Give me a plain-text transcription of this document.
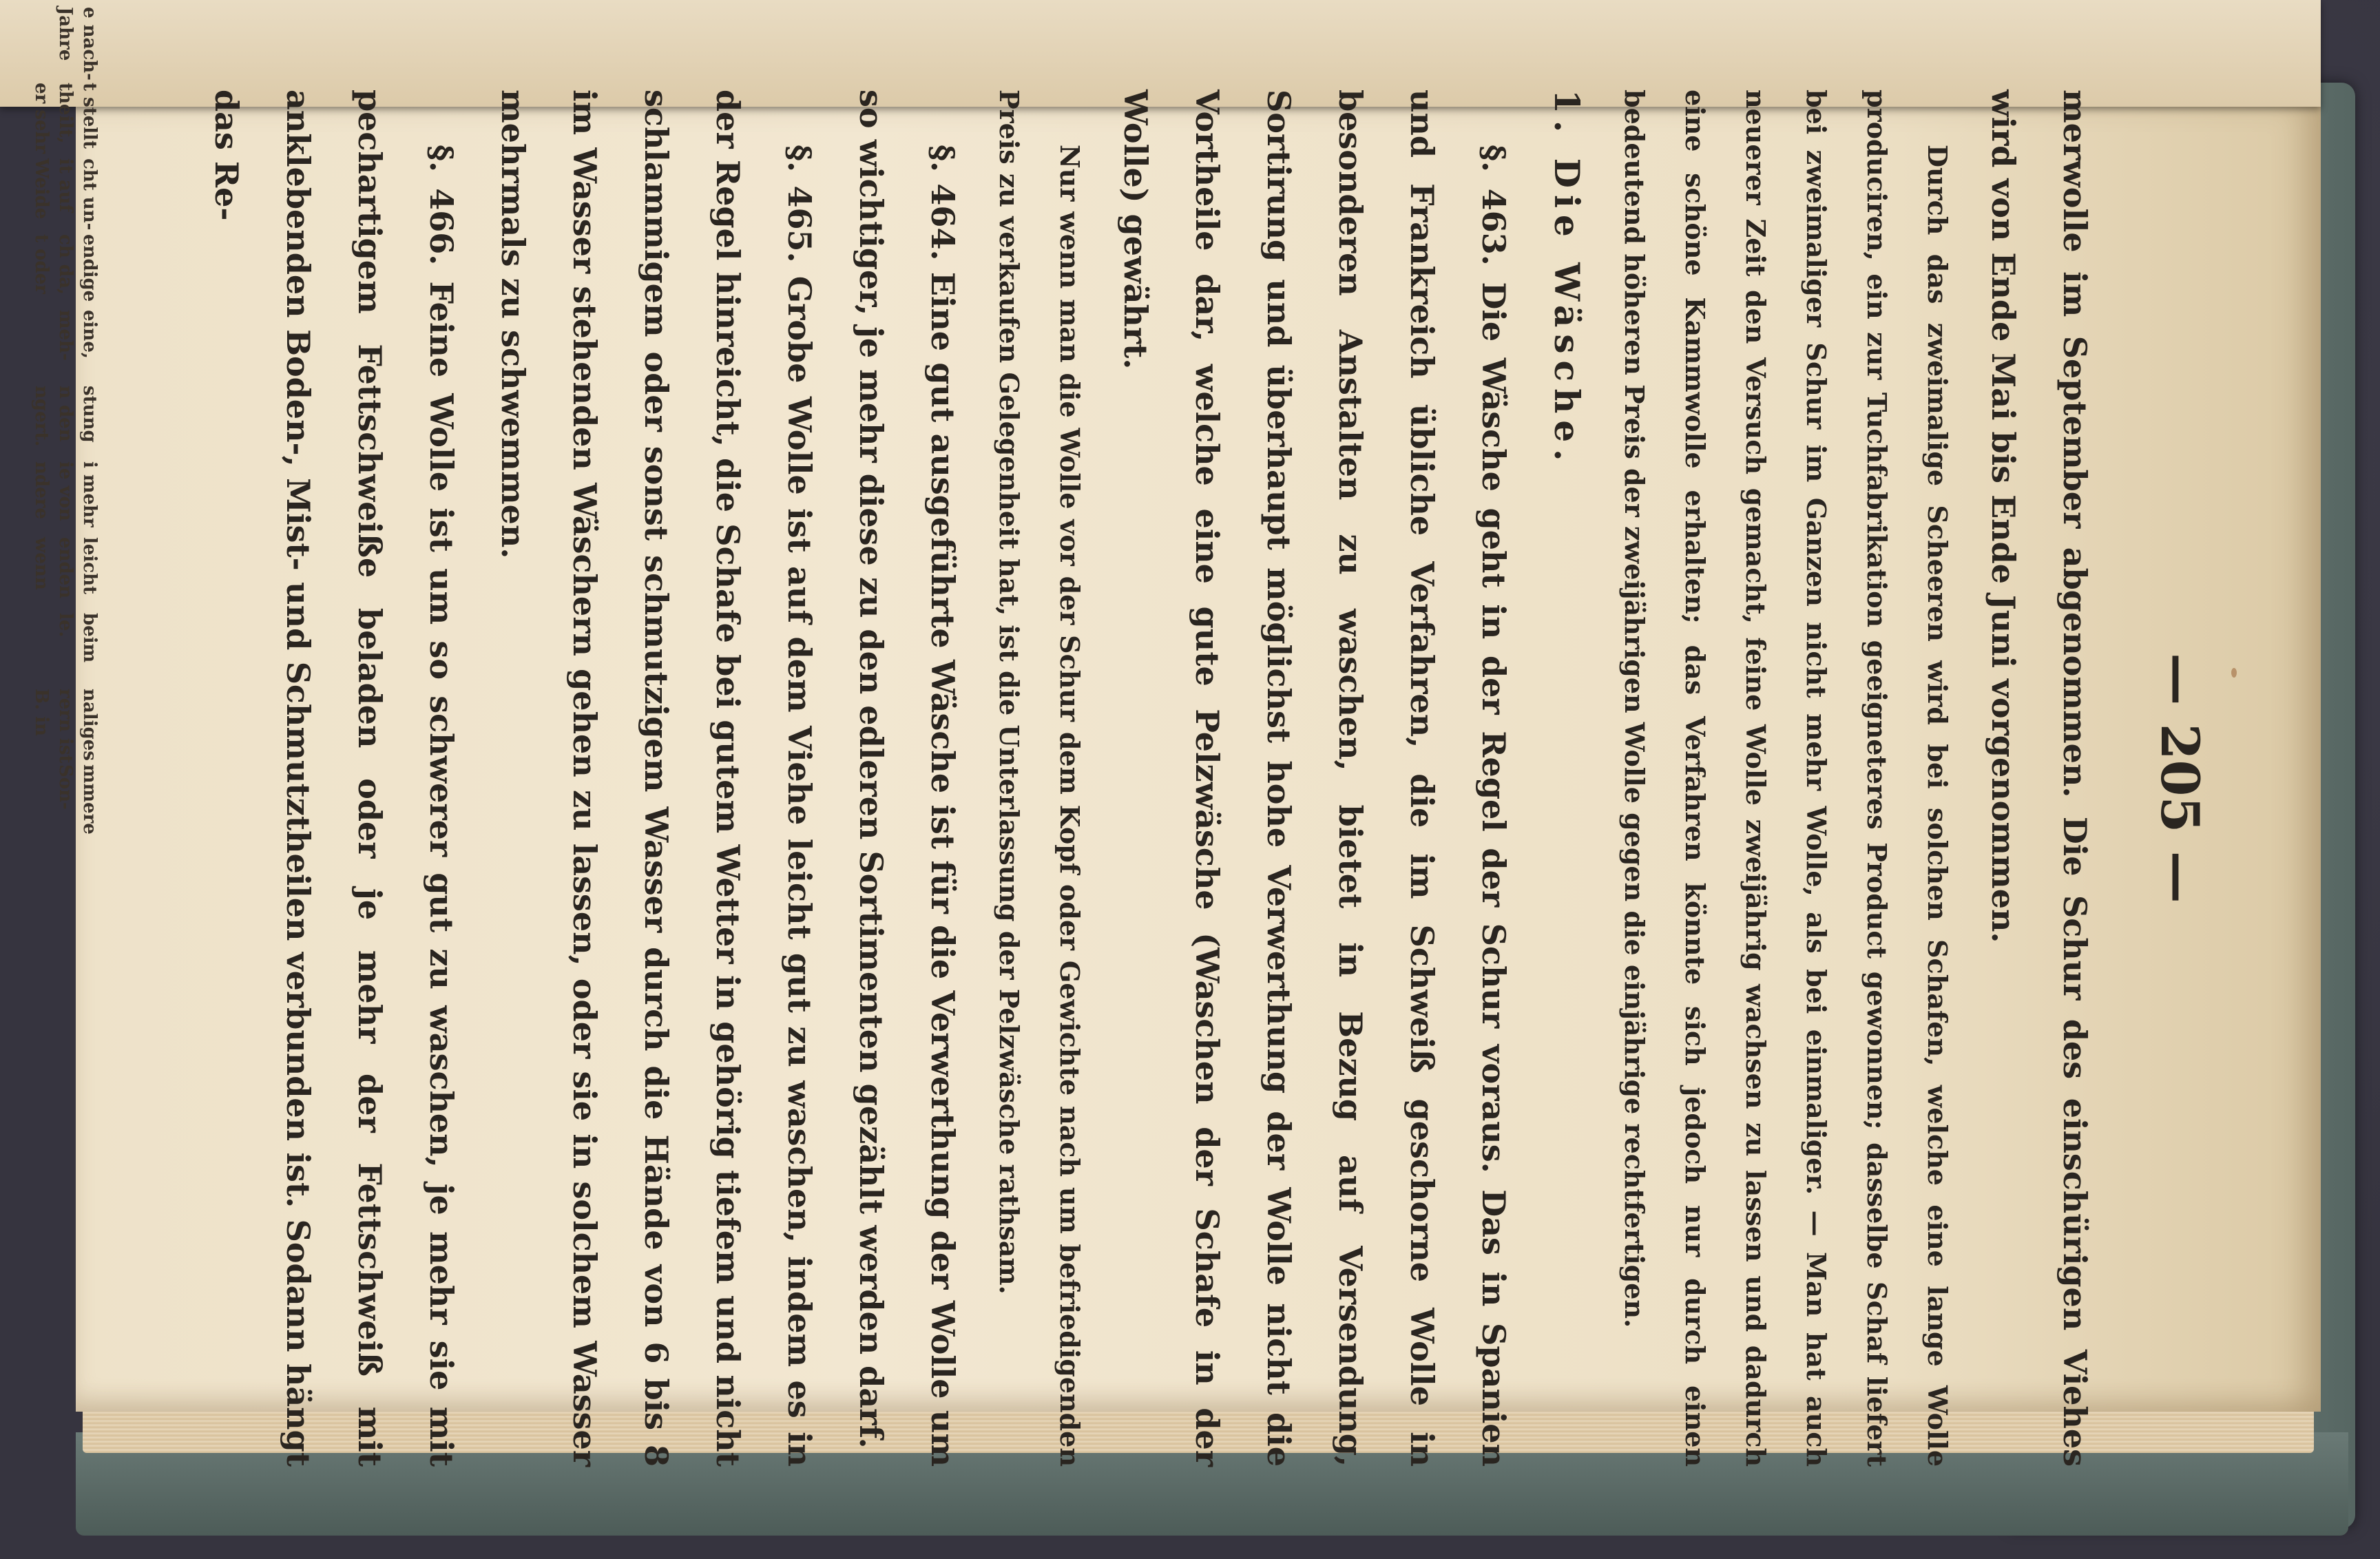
e nach-
Jahre
t stellt
theilt,
er sehr
cht un-
it auf
Weide
endige
ch da,
t oder
eine,
meh-
stung
n den
ngert.
i mehr
ie von
ndere
leicht
enden
wenn
beim
le.
naliges
rern ist
B. in
mmere
Son-	— 205 —

merwolle im September abgenommen. Die Schur des einschürigen Viehes wird von Ende Mai bis Ende Juni vorgenommen.

Durch das zweimalige Scheeren wird bei solchen Schafen, welche eine lange Wolle produciren, ein zur Tuchfabrikation geeigneteres Product gewonnen; dasselbe Schaf liefert bei zweimaliger Schur im Ganzen nicht mehr Wolle, als bei einmaliger. — Man hat auch neuerer Zeit den Versuch gemacht, feine Wolle zweijährig wachsen zu lassen und dadurch eine schöne Kammwolle erhalten; das Verfahren könnte sich jedoch nur durch einen bedeutend höheren Preis der zweijährigen Wolle gegen die einjährige rechtfertigen.

1. Die Wäsche.

§. 463. Die Wäsche geht in der Regel der Schur voraus. Das in Spanien und Frankreich übliche Verfahren, die im Schweiß geschorne Wolle in besonderen Anstalten zu waschen, bietet in Bezug auf Versendung, Sortirung und überhaupt möglichst hohe Verwerthung der Wolle nicht die Vortheile dar, welche eine gute Pelzwäsche (Waschen der Schafe in der Wolle) gewährt.

Nur wenn man die Wolle vor der Schur dem Kopf oder Gewichte nach um befriedigenden Preis zu verkaufen Gelegenheit hat, ist die Unterlassung der Pelzwäsche rathsam.

§. 464. Eine gut ausgeführte Wäsche ist für die Verwerthung der Wolle um so wichtiger, je mehr diese zu den edleren Sortimenten gezählt werden darf.

§. 465. Grobe Wolle ist auf dem Viehe leicht gut zu waschen, indem es in der Regel hinreicht, die Schafe bei gutem Wetter in gehörig tiefem und nicht schlammigem oder sonst schmutzigem Wasser durch die Hände von 6 bis 8 im Wasser stehenden Wäschern gehen zu lassen, oder sie in solchem Wasser mehrmals zu schwemmen.

§. 466. Feine Wolle ist um so schwerer gut zu waschen, je mehr sie mit pechartigem Fettschweiße beladen oder je mehr der Fettschweiß mit anklebenden Boden-, Mist- und Schmutztheilen verbunden ist. Sodann hängt das Re-
